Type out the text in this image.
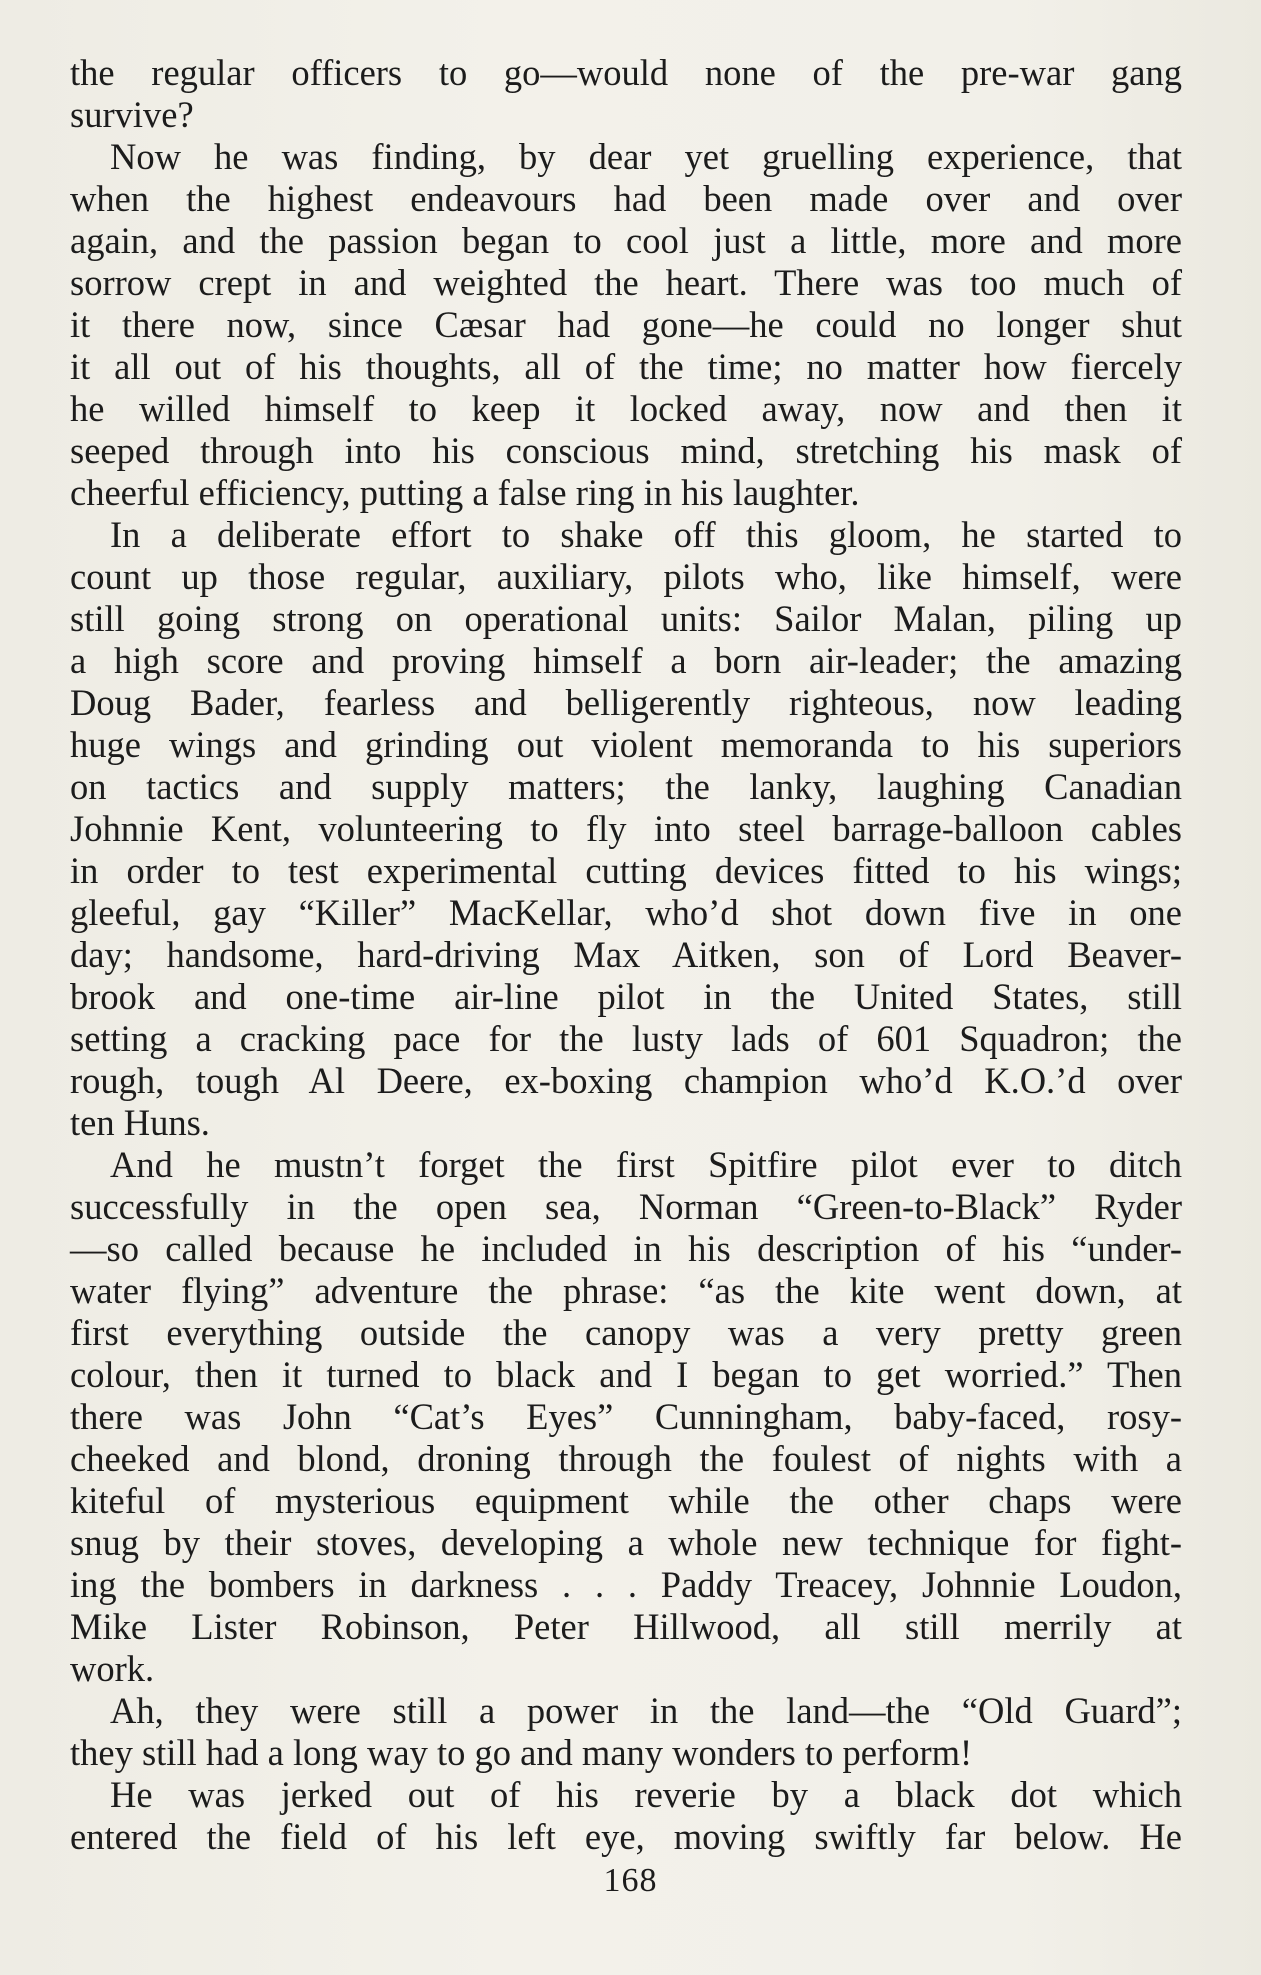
the regular officers to go—would none of the pre-war gang
survive?
Now he was finding, by dear yet gruelling experience, that
when the highest endeavours had been made over and over
again, and the passion began to cool just a little, more and more
sorrow crept in and weighted the heart. There was too much of
it there now, since Cæsar had gone—he could no longer shut
it all out of his thoughts, all of the time; no matter how fiercely
he willed himself to keep it locked away, now and then it
seeped through into his conscious mind, stretching his mask of
cheerful efficiency, putting a false ring in his laughter.
In a deliberate effort to shake off this gloom, he started to
count up those regular, auxiliary, pilots who, like himself, were
still going strong on operational units: Sailor Malan, piling up
a high score and proving himself a born air-leader; the amazing
Doug Bader, fearless and belligerently righteous, now leading
huge wings and grinding out violent memoranda to his superiors
on tactics and supply matters; the lanky, laughing Canadian
Johnnie Kent, volunteering to fly into steel barrage-balloon cables
in order to test experimental cutting devices fitted to his wings;
gleeful, gay “Killer” MacKellar, who’d shot down five in one
day; handsome, hard-driving Max Aitken, son of Lord Beaver-
brook and one-time air-line pilot in the United States, still
setting a cracking pace for the lusty lads of 601 Squadron; the
rough, tough Al Deere, ex-boxing champion who’d K.O.’d over
ten Huns.
And he mustn’t forget the first Spitfire pilot ever to ditch
successfully in the open sea, Norman “Green-to-Black” Ryder
—so called because he included in his description of his “under-
water flying” adventure the phrase: “as the kite went down, at
first everything outside the canopy was a very pretty green
colour, then it turned to black and I began to get worried.” Then
there was John “Cat’s Eyes” Cunningham, baby-faced, rosy-
cheeked and blond, droning through the foulest of nights with a
kiteful of mysterious equipment while the other chaps were
snug by their stoves, developing a whole new technique for fight-
ing the bombers in darkness . . . Paddy Treacey, Johnnie Loudon,
Mike Lister Robinson, Peter Hillwood, all still merrily at
work.
Ah, they were still a power in the land—the “Old Guard”;
they still had a long way to go and many wonders to perform!
He was jerked out of his reverie by a black dot which
entered the field of his left eye, moving swiftly far below. He
168
